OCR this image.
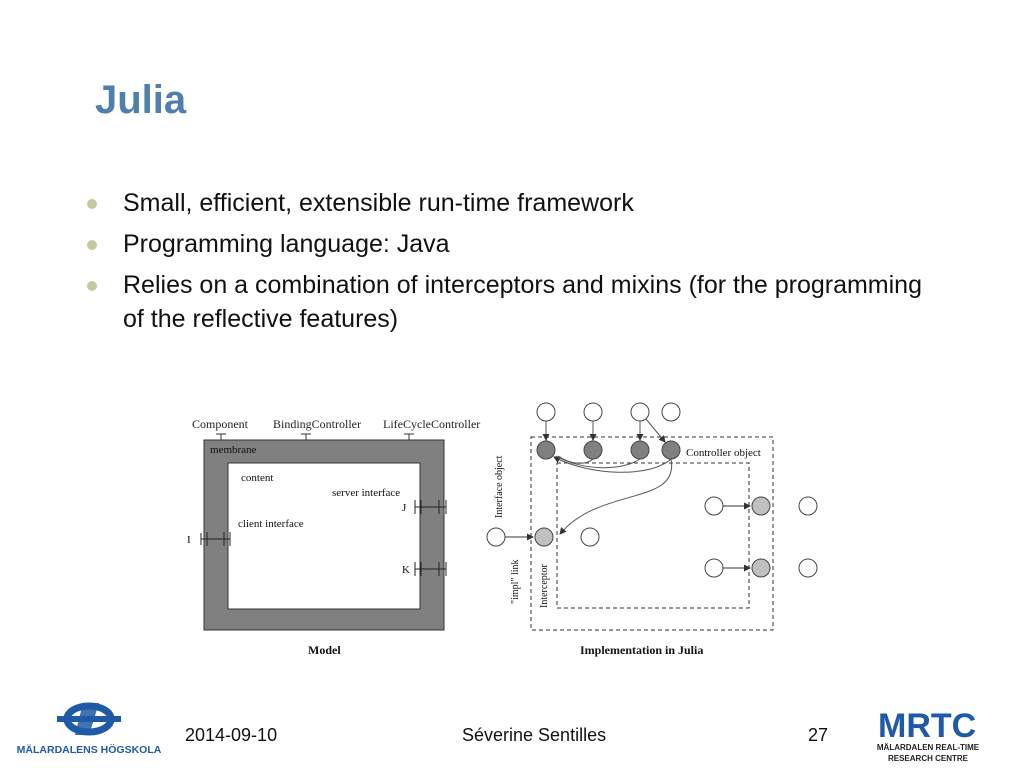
Julia
Small, efficient, extensible run-time framework
Programming language: Java
Relies on a combination of interceptors and mixins (for the programming of the reflective features)
Component BindingController LifeCycleController
membrane
content
server interface
client interface
I
J
K
Model
Controller object
Interface object
"impl" link Interceptor
Implementation in Julia
MÄLARDALENS HÖGSKOLA
2014-09-10	Séverine Sentilles	27 MRTC
MÄLARDALEN REAL-TIME
RESEARCH CENTRE
